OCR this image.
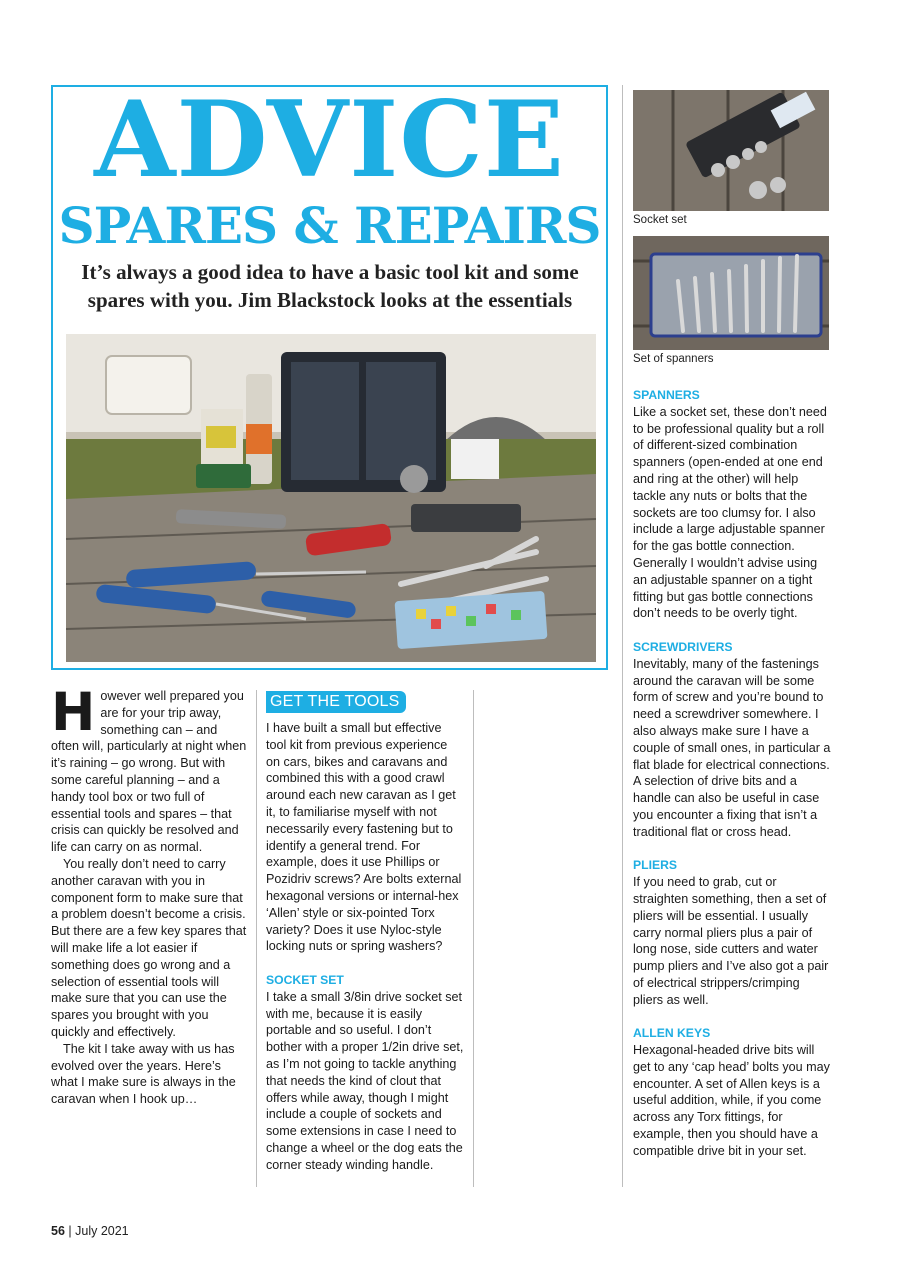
ADVICE
SPARES & REPAIRS
It’s always a good idea to have a basic tool kit and some spares with you. Jim Blackstock looks at the essentials

However well prepared you are for your trip away, something can – and often will, particularly at night when it’s raining – go wrong. But with some careful planning – and a handy tool box or two full of essential tools and spares – that crisis can quickly be resolved and life can carry on as normal.

You really don’t need to carry another caravan with you in component form to make sure that a problem doesn’t become a crisis. But there are a few key spares that will make life a lot easier if something does go wrong and a selection of essential tools will make sure that you can use the spares you brought with you quickly and effectively.

The kit I take away with us has evolved over the years. Here’s what I make sure is always in the caravan when I hook up…

GET THE TOOLS

I have built a small but effective tool kit from previous experience on cars, bikes and caravans and combined this with a good crawl around each new caravan as I get it, to familiarise myself with not necessarily every fastening but to identify a general trend. For example, does it use Phillips or Pozidriv screws? Are bolts external hexagonal versions or internal-hex ‘Allen’ style or six-pointed Torx variety? Does it use Nyloc-style locking nuts or spring washers?

SOCKET SET

I take a small 3/8in drive socket set with me, because it is easily portable and so useful. I don’t bother with a proper 1/2in drive set, as I’m not going to tackle anything that needs the kind of clout that offers while away, though I might include a couple of sockets and some extensions in case I need to change a wheel or the dog eats the corner steady winding handle.

Socket set
Set of spanners
SPANNERS

Like a socket set, these don’t need to be professional quality but a roll of different-sized combination spanners (open-ended at one end and ring at the other) will help tackle any nuts or bolts that the sockets are too clumsy for. I also include a large adjustable spanner for the gas bottle connection. Generally I wouldn’t advise using an adjustable spanner on a tight fitting but gas bottle connections don’t needs to be overly tight.

SCREWDRIVERS

Inevitably, many of the fastenings around the caravan will be some form of screw and you’re bound to need a screwdriver somewhere. I also always make sure I have a couple of small ones, in particular a flat blade for electrical connections. A selection of drive bits and a handle can also be useful in case you encounter a fixing that isn’t a traditional flat or cross head.

PLIERS

If you need to grab, cut or straighten something, then a set of pliers will be essential. I usually carry normal pliers plus a pair of long nose, side cutters and water pump pliers and I’ve also got a pair of electrical strippers/crimping pliers as well.

ALLEN KEYS

Hexagonal-headed drive bits will get to any ‘cap head’ bolts you may encounter. A set of Allen keys is a useful addition, while, if you come across any Torx fittings, for example, then you should have a compatible drive bit in your set.

56 | July 2021
